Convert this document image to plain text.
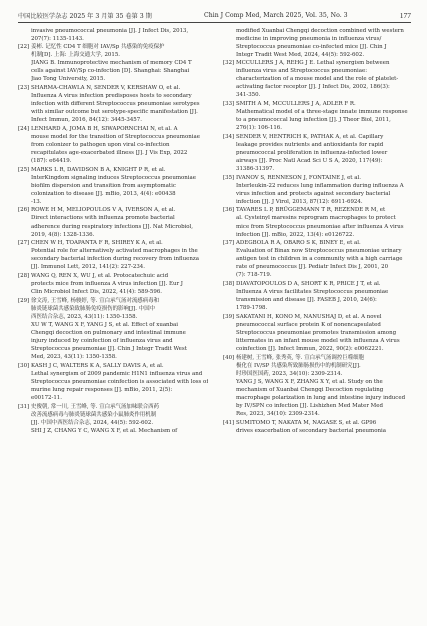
中国比较医学杂志 2025 年 3 月第 35 卷第 3 期	Chin J Comp Med, March 2025, Vol. 35, No. 3	177
invasive pneumococcal pneumonia [J]. J Infect Dis, 2013,
207(7): 1135-1143.
[22] 姜彬. 记忆性 CD4 T 细胞对 IAV/Sp 共感染的免疫保护
机制[D]. 上海: 上海交通大学, 2015.
JIANG B. Immunoprotective mechanism of memory CD4 T
cells against IAV/Sp co-infection [D]. Shanghai: Shanghai
Jiao Tong University, 2015.
[23] SHARMA-CHAWLA N, SENDER V, KERSHAW O, et al.
Influenza A virus infection predisposes hosts to secondary
infection with different Streptococcus pneumoniae serotypes
with similar outcome but serotype-specific manifestation [J].
Infect Immun, 2016, 84(12): 3445-3457.
[24] LENHARD A, JOMA B H, SIWAPORNCHAI N, et al. A
mouse model for the transition of Streptococcus pneumoniae
from colonizer to pathogen upon viral co-infection
recapitulates age-exacerbated illness [J]. J Vis Exp, 2022
(187): e64419.
[25] MARKS L R, DAVIDSON B A, KNIGHT P R, et al.
InterKingdom signaling induces Streptococcus pneumoniae
biofilm dispersion and transition from asymptomatic
colonization to disease [J]. mBio, 2013, 4(4): e00438
-13.
[26] ROWE H M, MELIOPOULOS V A, IVERSON A, et al.
Direct interactions with influenza promote bacterial
adherence during respiratory infections [J]. Nat Microbiol,
2019, 4(8): 1328-1336.
[27] CHEN W H, TOAPANTA F R, SHIREY K A, et al.
Potential role for alternatively activated macrophages in the
secondary bacterial infection during recovery from influenza
[J]. Immunol Lett, 2012, 141(2): 227-234.
[28] WANG Q, REN X, WU J, et al. Protocatechuic acid
protects mice from influenza A virus infection [J]. Eur J
Clin Microbiol Infect Dis, 2022, 41(4): 589-596.
[29] 徐文涛, 王雪峰, 杨骏婷, 等. 宣白承气汤对流感病毒和
肺炎链球菌共感染致肺肠免疫损伤的影响[J]. 中国中
西医结合杂志, 2023, 43(11): 1350-1358.
XU W T, WANG X F, YANG J S, et al. Effect of xuanbai
Chengqi decoction on pulmonary and intestinal immune
injury induced by coinfection of influenza virus and
Streptococcus pneumoniae [J]. Chin J Integr Tradit West
Med, 2023, 43(11): 1350-1358.
[30] KASH J C, WALTERS K A, SALLY DAVIS A, et al.
Lethal synergism of 2009 pandemic H1N1 influenza virus and
Streptococcus pneumoniae coinfection is associated with loss of
murine lung repair responses [J]. mBio, 2011, 2(5):
e00172-11.
[31] 史俊朝, 常一川, 王雪峰, 等. 宣白承气汤加味联合西药
改善流感病毒与肺炎链球菌共感染小鼠肺炎作用机制
[J]. 中国中西医结合杂志, 2024, 44(5): 592-602.
SHI J Z, CHANG Y C, WANG X F, et al. Mechanism of
modified Xuanbai Chengqi decoction combined with western
medicine in improving pneumonia in influenza virus/
Streptococcus pneumoniae co-infected mice [J]. Chin J
Integr Tradit West Med, 2024, 44(5): 592-602.
[32] MCCULLERS J A, REHG J E. Lethal synergism between
influenza virus and Streptococcus pneumoniae:
characterization of a mouse model and the role of platelet-
activating factor receptor [J]. J Infect Dis, 2002, 186(3):
341-350.
[33] SMITH A M, MCCULLERS J A, ADLER F R.
Mathematical model of a three-stage innate immune response
to a pneumococcal lung infection [J]. J Theor Biol, 2011,
276(1): 106-116.
[34] SENDER V, HENTRICH K, PATHAK A, et al. Capillary
leakage provides nutrients and antioxidants for rapid
pneumococcal proliferation in influenza-infected lower
airways [J]. Proc Natl Acad Sci U S A, 2020, 117(49):
31386-31397.
[35] IVANOV S, RENNESON J, FONTAINE J, et al.
Interleukin-22 reduces lung inflammation during influenza A
virus infection and protects against secondary bacterial
infection [J]. J Virol, 2013, 87(12): 6911-6924.
[36] TAVARES L P, BRÜGGEMANN T R, REZENDE R M, et
al. Cysteinyl maresins reprogram macrophages to protect
mice from Streptococcus pneumoniae after influenza A virus
infection [J]. mBio, 2022, 13(4): e0126722.
[37] ADEGBOLA R A, OBARO S K, BINEY E, et al.
Evaluation of Binax now Streptococcus pneumoniae urinary
antigen test in children in a community with a high carriage
rate of pneumococcus [J]. Pediatr Infect Dis J, 2001, 20
(7): 718-719.
[38] DIAVATOPOULOS D A, SHORT K R, PRICE J T, et al.
Influenza A virus facilitates Streptococcus pneumoniae
transmission and disease [J]. FASEB J, 2010, 24(6):
1789-1798.
[39] SAKATANI H, KONO M, NANUSHAJ D, et al. A novel
pneumococcal surface protein K of nonencapsulated
Streptococcus pneumoniae promotes transmission among
littermates in an infant mouse model with influenza A virus
coinfection [J]. Infect Immun, 2022, 90(2): e0062221.
[40] 杨建树, 王雪峰, 张秀英, 等. 宣白承气汤调控巨噬细胞
极化在 IV/SP 共感染所致肺肠损伤中的机制研究[J].
时珍国医国药, 2023, 34(10): 2309-2314.
YANG J S, WANG X F, ZHANG X Y, et al. Study on the
mechanism of Xuanbai Chengqi Decoction regulating
macrophage polarization in lung and intestine injury induced
by IV/SPN co infection [J]. Lishizhen Med Mater Med
Res, 2023, 34(10): 2309-2314.
[41] SUMITOMO T, NAKATA M, NAGASE S, et al. GP96
drives exacerbation of secondary bacterial pneumonia
